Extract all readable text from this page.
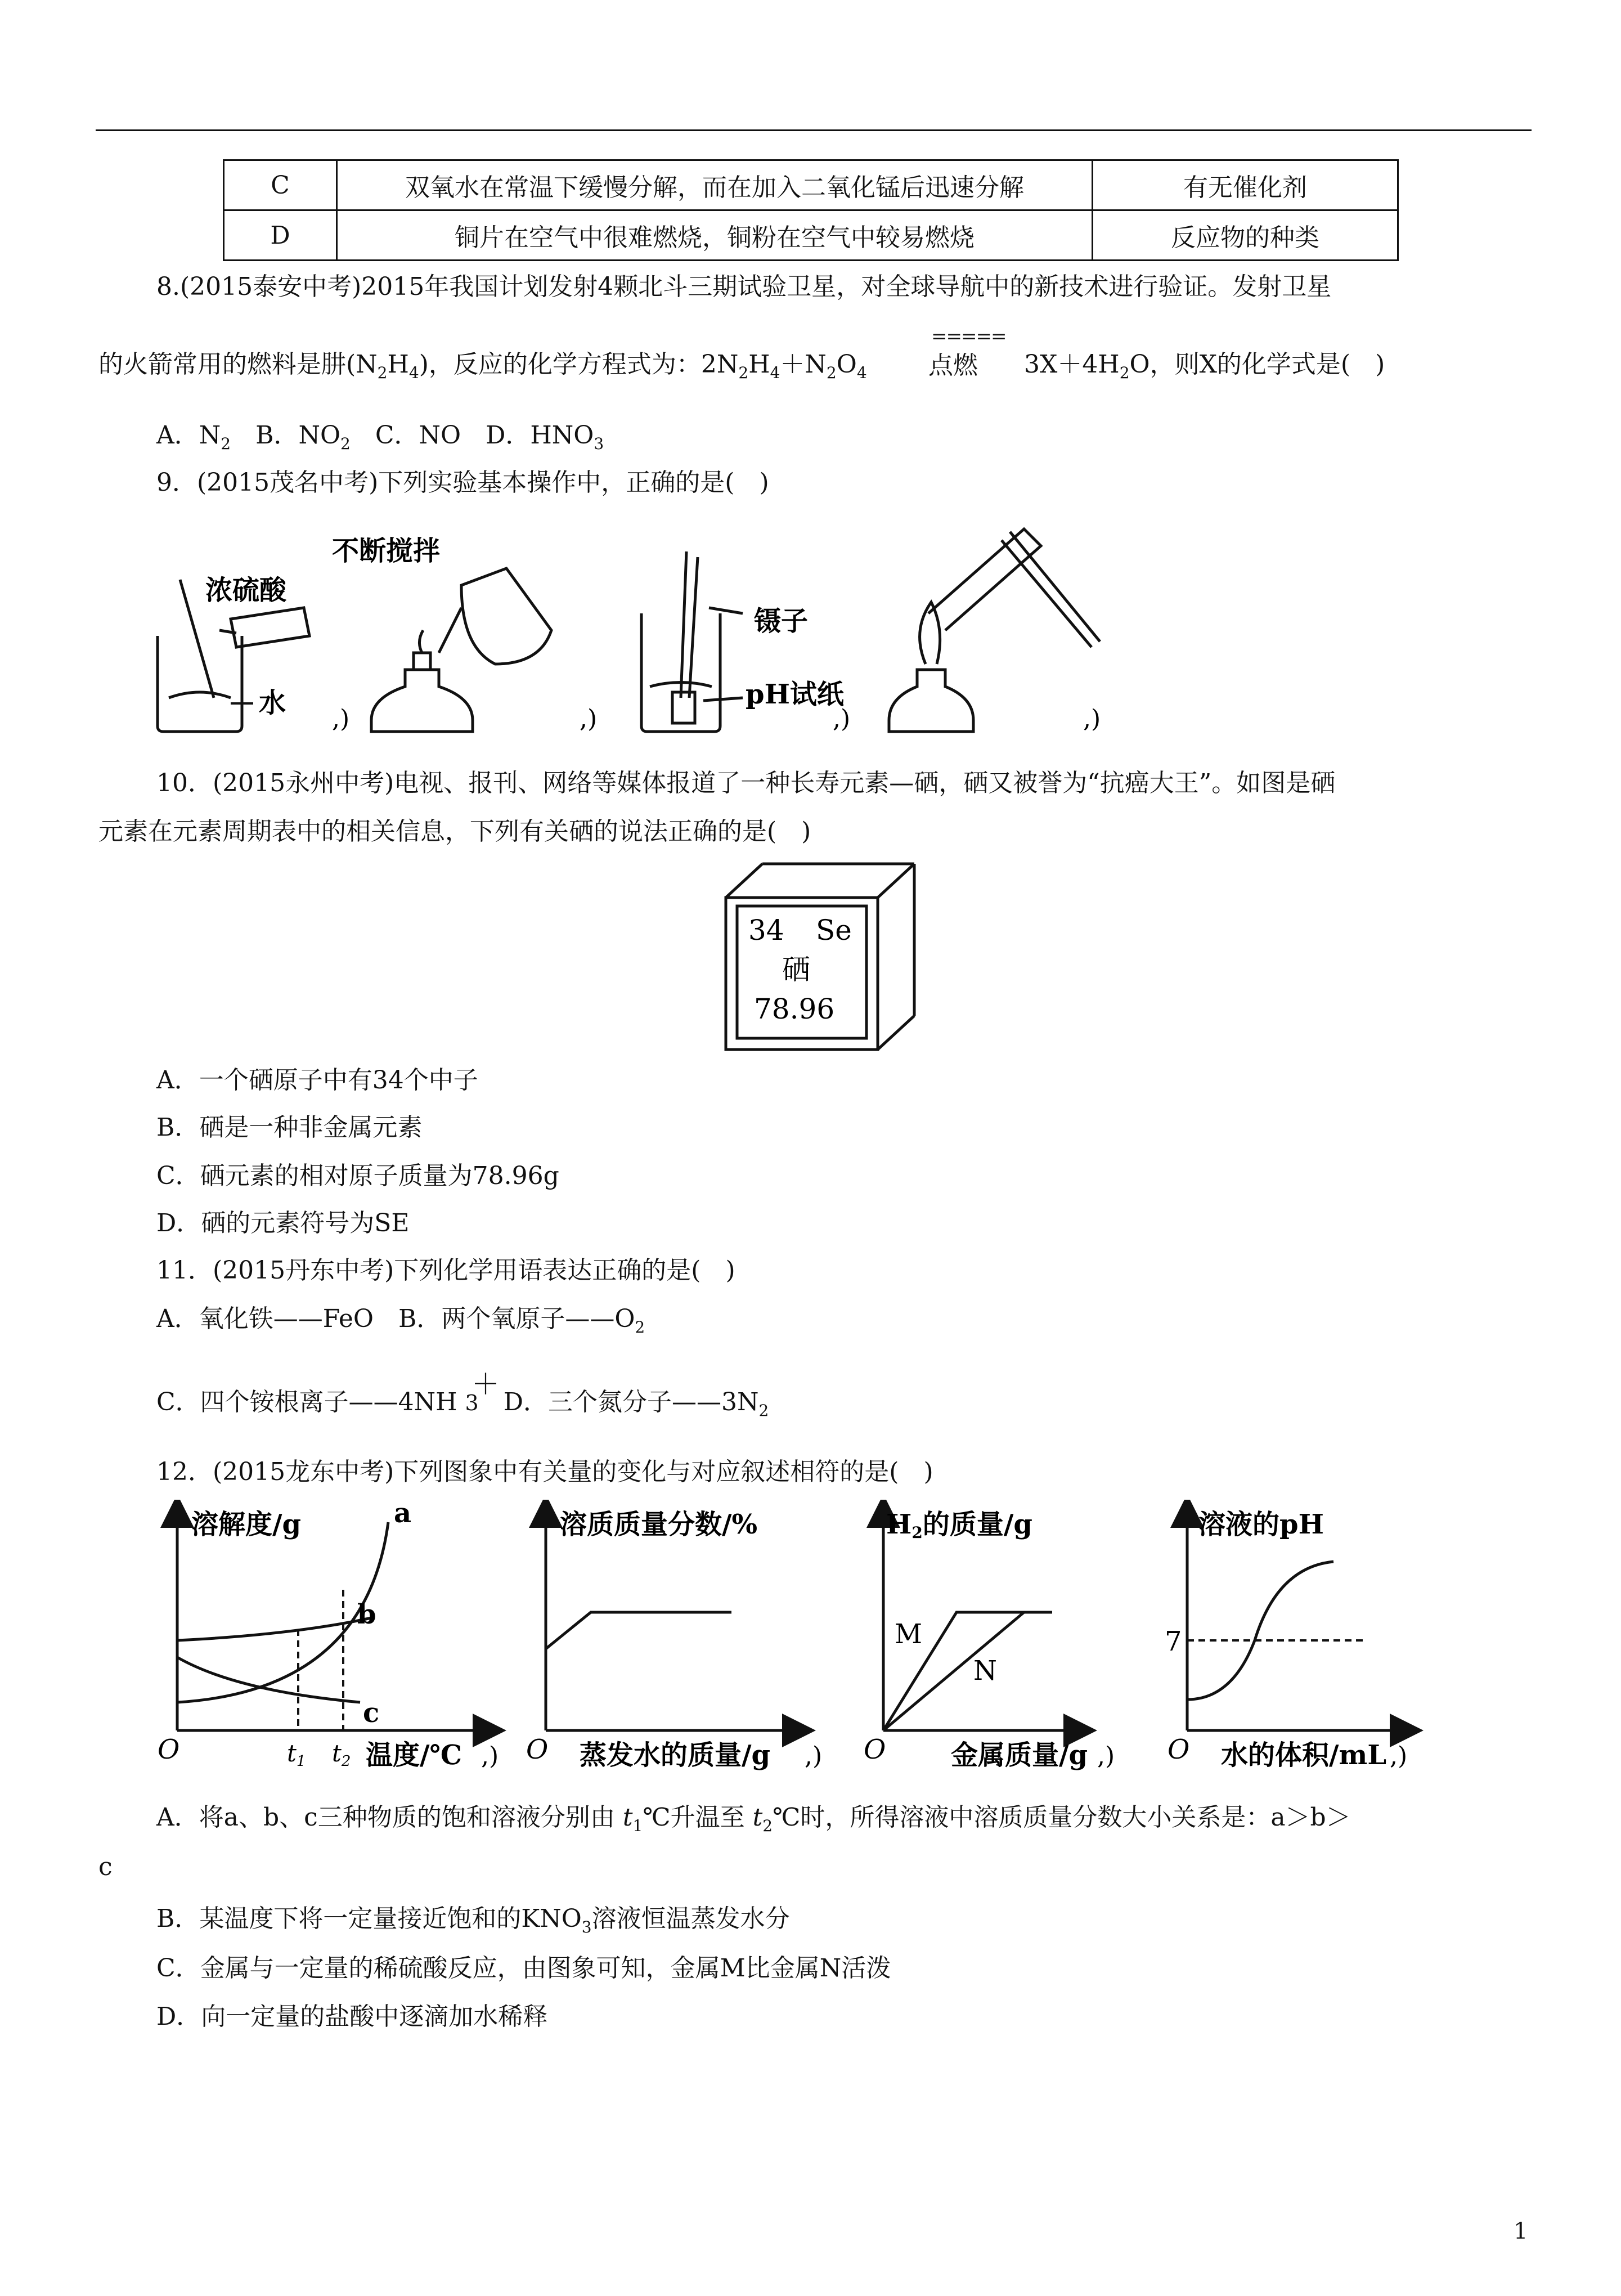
C	双氧水在常温下缓慢分解，而在加入二氧化锰后迅速分解	有无催化剂
D	铜片在空气中很难燃烧，铜粉在空气中较易燃烧	反应物的种类
8.(2015泰安中考)2015年我国计划发射4颗北斗三期试验卫星，对全球导航中的新技术进行验证。发射卫星
的火箭常用的燃料是肼$(N_2H_4)$，反应的化学方程式为：$2N_2H_4+N_2O_4$
=====
点燃 $3X+4H_2O$，则X的化学式是(　)
A．$N_2$　 B．$NO_2$　 C．NO　 D．$HNO_3$
9．(2015茂名中考)下列实验基本操作中，正确的是(　)
不断搅拌
浓硫酸
水
,)	,)
镊子
pH试纸
,)	,)
10．(2015永州中考)电视、报刊、网络等媒体报道了一种长寿元素—硒，硒又被誉为“抗癌大王”。如图是硒
元素在元素周期表中的相关信息，下列有关硒的说法正确的是(　)
34 Se
硒
78.96
A．一个硒原子中有34个中子
B．硒是一种非金属元素
C．硒元素的相对原子质量为78.96g
D．硒的元素符号为SE
11．(2015丹东中考)下列化学用语表达正确的是(　)
A．氧化铁——FeO　B．两个氧原子$——O_2$
＋
C．四个铵根离子——4NH 3　 D．三个氮分子$——3N_2$
12．(2015龙东中考)下列图象中有关量的变化与对应叙述相符的是(　)
溶解度/g
b
a
c
O	t1 t2 温度/℃ ,)
溶质质量分数/%
O 蒸发水的质量/g ,)
H2的质量/g
M
N
O 金属质量/g ,)
溶液的pH
7
O 水的体积/mL ,)
A．将a、b、c三种物质的饱和溶液分别由 $t_1℃$升温至 $t_2℃$时，所得溶液中溶质质量分数大小关系是：a＞b＞
c
B．某温度下将一定量接近饱和的$KNO_3$溶液恒温蒸发水分
C．金属与一定量的稀硫酸反应，由图象可知，金属M比金属N活泼
D．向一定量的盐酸中逐滴加水稀释
1
